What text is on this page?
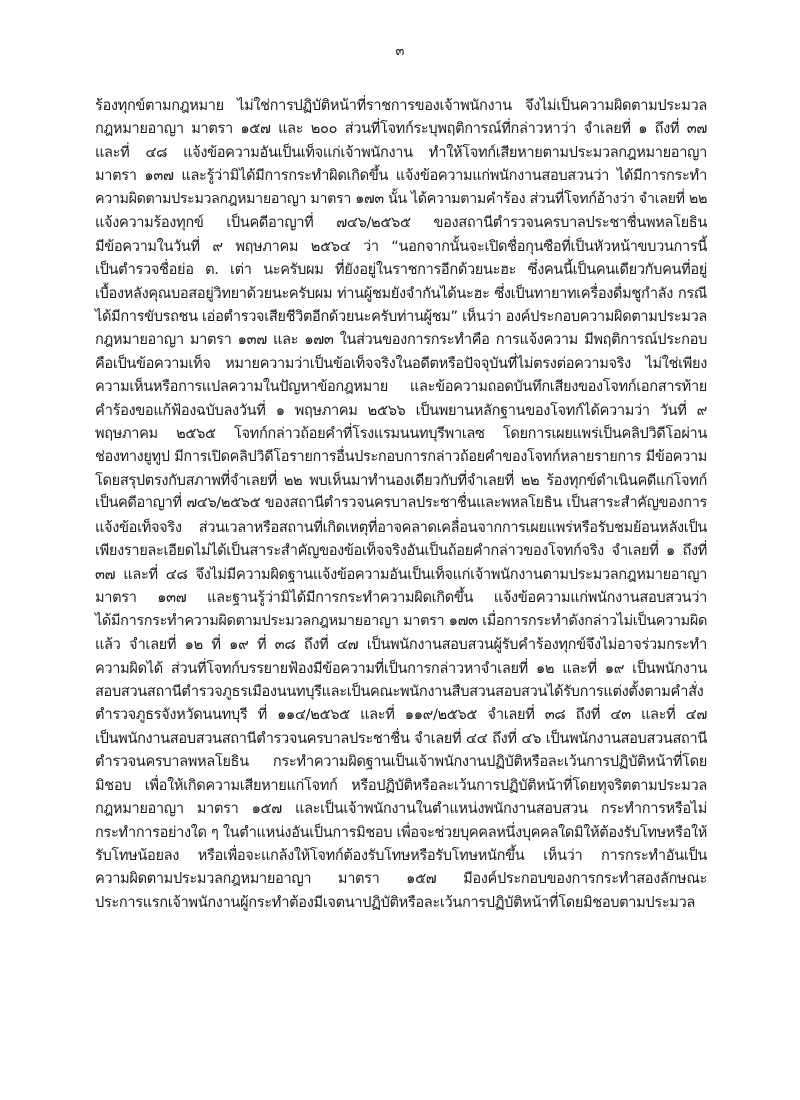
๓
ร้องทุกข์ตามกฎหมาย ไม่ใช่การปฏิบัติหน้าที่ราชการของเจ้าพนักงาน จึงไม่เป็นความผิดตามประมวล
กฎหมายอาญา มาตรา ๑๕๗ และ ๒๐๐ ส่วนที่โจทก์ระบุพฤติการณ์ที่กล่าวหาว่า จำเลยที่ ๑ ถึงที่ ๓๗
และที่ ๔๘ แจ้งข้อความอันเป็นเท็จแก่เจ้าพนักงาน ทำให้โจทก์เสียหายตามประมวลกฎหมายอาญา
มาตรา ๑๓๗ และรู้ว่ามิได้มีการกระทำผิดเกิดขึ้น แจ้งข้อความแก่พนักงานสอบสวนว่า ได้มีการกระทำ
ความผิดตามประมวลกฎหมายอาญา มาตรา ๑๗๓ นั้น ได้ความตามคำร้อง ส่วนที่โจทก์อ้างว่า จำเลยที่ ๒๒
แจ้งความร้องทุกข์ เป็นคดีอาญาที่ ๗๔๖/๒๕๖๕ ของสถานีตำรวจนครบาลประชาชื่นพหลโยธิน
มีข้อความในวันที่ ๙ พฤษภาคม ๒๕๖๔ ว่า “นอกจากนั้นจะเปิดชื่อกุนซือที่เป็นหัวหน้าขบวนการนี้
เป็นตำรวจชื่อย่อ ต. เต่า นะครับผม ที่ยังอยู่ในราชการอีกด้วยนะฮะ ซึ่งคนนี้เป็นคนเดียวกับคนที่อยู่
เบื้องหลังคุณบอสอยู่วิทยาด้วยนะครับผม ท่านผู้ชมยังจำกันได้นะฮะ ซึ่งเป็นทายาทเครื่องดื่มชูกำลัง กรณี
ได้มีการขับรถชน เอ่อตำรวจเสียชีวิตอีกด้วยนะครับท่านผู้ชม” เห็นว่า องค์ประกอบความผิดตามประมวล
กฎหมายอาญา มาตรา ๑๓๗ และ ๑๗๓ ในส่วนของการกระทำคือ การแจ้งความ มีพฤติการณ์ประกอบ
คือเป็นข้อความเท็จ หมายความว่าเป็นข้อเท็จจริงในอดีตหรือปัจจุบันที่ไม่ตรงต่อความจริง ไม่ใช่เพียง
ความเห็นหรือการแปลความในปัญหาข้อกฎหมาย และข้อความถอดบันทึกเสียงของโจทก์เอกสารท้าย
คำร้องขอแก้ฟ้องฉบับลงวันที่ ๑ พฤษภาคม ๒๕๖๖ เป็นพยานหลักฐานของโจทก์ได้ความว่า วันที่ ๙
พฤษภาคม ๒๕๖๕ โจทก์กล่าวถ้อยคำที่โรงแรมนนทบุรีพาเลซ โดยการเผยแพร่เป็นคลิปวิดีโอผ่าน
ช่องทางยูทูป มีการเปิดคลิปวิดีโอรายการอื่นประกอบการกล่าวถ้อยคำของโจทก์หลายรายการ มีข้อความ
โดยสรุปตรงกับสภาพที่จำเลยที่ ๒๒ พบเห็นมาทำนองเดียวกับที่จำเลยที่ ๒๒ ร้องทุกข์ดำเนินคดีแก่โจทก์
เป็นคดีอาญาที่ ๗๔๖/๒๕๖๕ ของสถานีตำรวจนครบาลประชาชื่นและพหลโยธิน เป็นสาระสำคัญของการ
แจ้งข้อเท็จจริง ส่วนเวลาหรือสถานที่เกิดเหตุที่อาจคลาดเคลื่อนจากการเผยแพร่หรือรับชมย้อนหลังเป็น
เพียงรายละเอียดไม่ได้เป็นสาระสำคัญของข้อเท็จจริงอันเป็นถ้อยคำกล่าวของโจทก์จริง จำเลยที่ ๑ ถึงที่
๓๗ และที่ ๔๘ จึงไม่มีความผิดฐานแจ้งข้อความอันเป็นเท็จแก่เจ้าพนักงานตามประมวลกฎหมายอาญา
มาตรา ๑๓๗ และฐานรู้ว่ามิได้มีการกระทำความผิดเกิดขึ้น แจ้งข้อความแก่พนักงานสอบสวนว่า
ได้มีการกระทำความผิดตามประมวลกฎหมายอาญา มาตรา ๑๗๓ เมื่อการกระทำดังกล่าวไม่เป็นความผิด
แล้ว จำเลยที่ ๑๒ ที่ ๑๙ ที่ ๓๘ ถึงที่ ๔๗ เป็นพนักงานสอบสวนผู้รับคำร้องทุกข์จึงไม่อาจร่วมกระทำ
ความผิดได้ ส่วนที่โจทก์บรรยายฟ้องมีข้อความที่เป็นการกล่าวหาจำเลยที่ ๑๒ และที่ ๑๙ เป็นพนักงาน
สอบสวนสถานีตำรวจภูธรเมืองนนทบุรีและเป็นคณะพนักงานสืบสวนสอบสวนได้รับการแต่งตั้งตามคำสั่ง
ตำรวจภูธรจังหวัดนนทบุรี ที่ ๑๑๔/๒๕๖๕ และที่ ๑๑๙/๒๕๖๕ จำเลยที่ ๓๘ ถึงที่ ๔๓ และที่ ๔๗
เป็นพนักงานสอบสวนสถานีตำรวจนครบาลประชาชื่น จำเลยที่ ๔๔ ถึงที่ ๔๖ เป็นพนักงานสอบสวนสถานี
ตำรวจนครบาลพหลโยธิน กระทำความผิดฐานเป็นเจ้าพนักงานปฏิบัติหรือละเว้นการปฏิบัติหน้าที่โดย
มิชอบ เพื่อให้เกิดความเสียหายแก่โจทก์ หรือปฏิบัติหรือละเว้นการปฏิบัติหน้าที่โดยทุจริตตามประมวล
กฎหมายอาญา มาตรา ๑๕๗ และเป็นเจ้าพนักงานในตำแหน่งพนักงานสอบสวน กระทำการหรือไม่
กระทำการอย่างใด ๆ ในตำแหน่งอันเป็นการมิชอบ เพื่อจะช่วยบุคคลหนึ่งบุคคลใดมิให้ต้องรับโทษหรือให้
รับโทษน้อยลง หรือเพื่อจะแกล้งให้โจทก์ต้องรับโทษหรือรับโทษหนักขึ้น เห็นว่า การกระทำอันเป็น
ความผิดตามประมวลกฎหมายอาญา มาตรา ๑๕๗ มีองค์ประกอบของการกระทำสองลักษณะ
ประการแรกเจ้าพนักงานผู้กระทำต้องมีเจตนาปฏิบัติหรือละเว้นการปฏิบัติหน้าที่โดยมิชอบตามประมวล
